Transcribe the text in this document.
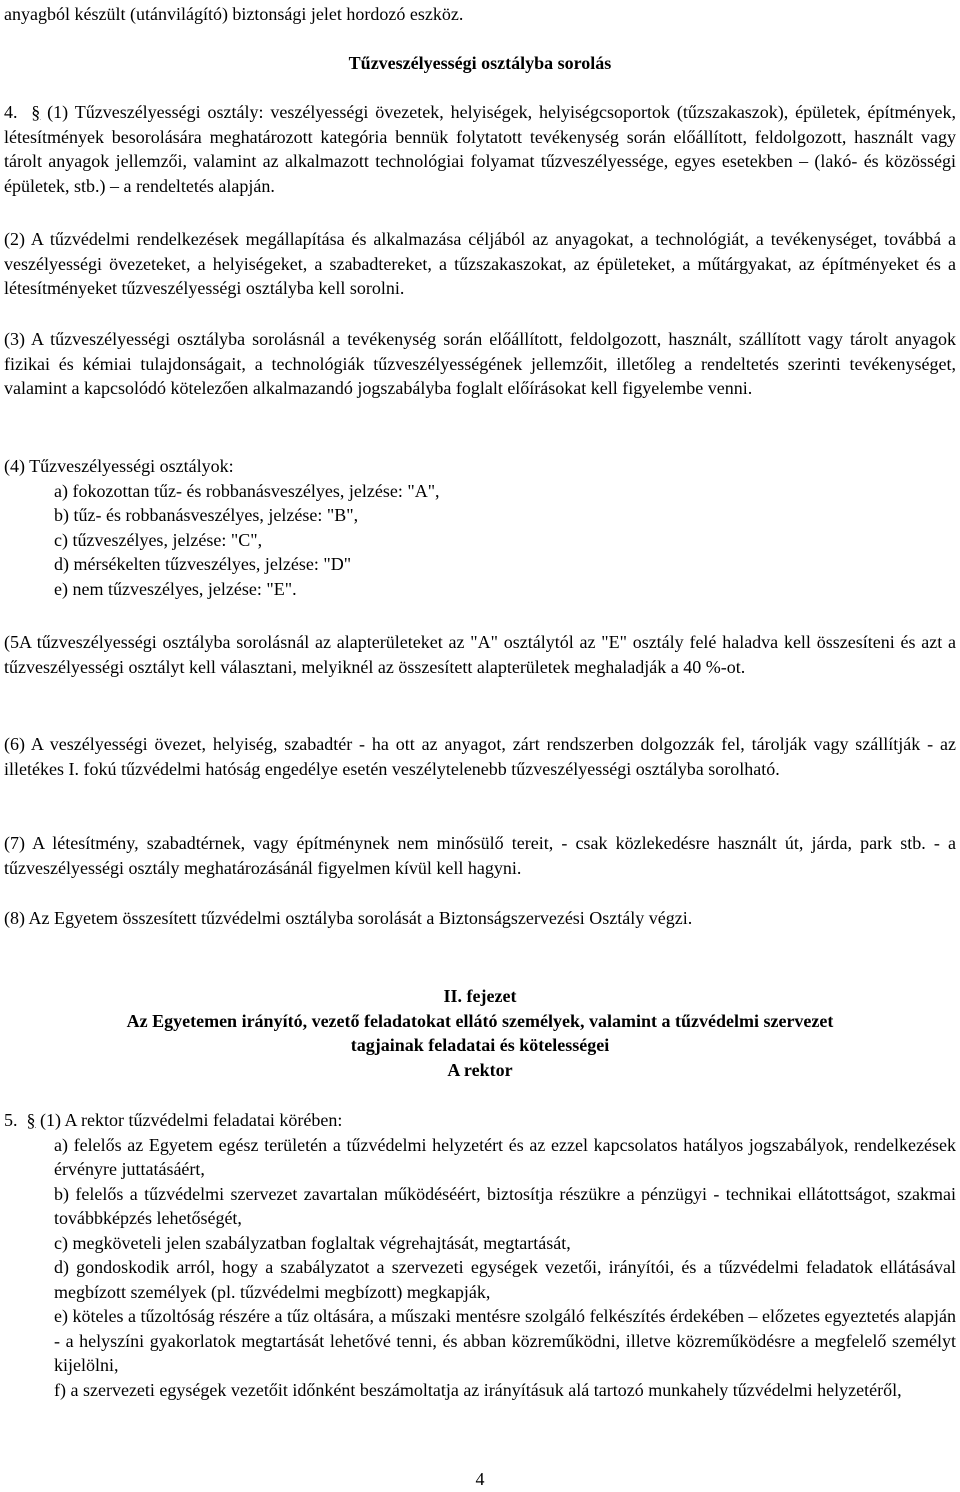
anyagból készült (utánvilágító) biztonsági jelet hordozó eszköz.
Tűzveszélyességi osztályba sorolás

4. § (1) Tűzveszélyességi osztály: veszélyességi övezetek, helyiségek, helyiségcsoportok (tűzszakaszok), épületek, építmények, létesítmények besorolására meghatározott kategória bennük folytatott tevékenység során előállított, feldolgozott, használt vagy tárolt anyagok jellemzői, valamint az alkalmazott technológiai folyamat tűzveszélyessége, egyes esetekben – (lakó- és közösségi épületek, stb.) – a rendeltetés alapján.

(2) A tűzvédelmi rendelkezések megállapítása és alkalmazása céljából az anyagokat, a technológiát, a tevékenységet, továbbá a veszélyességi övezeteket, a helyiségeket, a szabadtereket, a tűzszakaszokat, az épületeket, a műtárgyakat, az építményeket és a létesítményeket tűzveszélyességi osztályba kell sorolni.

(3) A tűzveszélyességi osztályba sorolásnál a tevékenység során előállított, feldolgozott, használt, szállított vagy tárolt anyagok fizikai és kémiai tulajdonságait, a technológiák tűzveszélyességének jellemzőit, illetőleg a rendeltetés szerinti tevékenységet, valamint a kapcsolódó kötelezően alkalmazandó jogszabályba foglalt előírásokat kell figyelembe venni.

(4) Tűzveszélyességi osztályok:
a) fokozottan tűz- és robbanásveszélyes, jelzése: "A",
b) tűz- és robbanásveszélyes, jelzése: "B",
c) tűzveszélyes, jelzése: "C",
d) mérsékelten tűzveszélyes, jelzése: "D"
e) nem tűzveszélyes, jelzése: "E".

(5A tűzveszélyességi osztályba sorolásnál az alapterületeket az "A" osztálytól az "E" osztály felé haladva kell összesíteni és azt a tűzveszélyességi osztályt kell választani, melyiknél az összesített alapterületek meghaladják a 40 %-ot.

(6) A veszélyességi övezet, helyiség, szabadtér - ha ott az anyagot, zárt rendszerben dolgozzák fel, tárolják vagy szállítják - az illetékes I. fokú tűzvédelmi hatóság engedélye esetén veszélytelenebb tűzveszélyességi osztályba sorolható.

(7) A létesítmény, szabadtérnek, vagy építménynek nem minősülő tereit, - csak közlekedésre használt út, járda, park stb. - a tűzveszélyességi osztály meghatározásánál figyelmen kívül kell hagyni.

(8) Az Egyetem összesített tűzvédelmi osztályba sorolását a Biztonságszervezési Osztály végzi.

II. fejezet
Az Egyetemen irányító, vezető feladatokat ellátó személyek, valamint a tűzvédelmi szervezet
tagjainak feladatai és kötelességei
A rektor
5. § (1) A rektor tűzvédelmi feladatai körében:
a) felelős az Egyetem egész területén a tűzvédelmi helyzetért és az ezzel kapcsolatos hatályos jogszabályok, rendelkezések érvényre juttatásáért,
b) felelős a tűzvédelmi szervezet zavartalan működéséért, biztosítja részükre a pénzügyi - technikai ellátottságot, szakmai továbbképzés lehetőségét,
c) megköveteli jelen szabályzatban foglaltak végrehajtását, megtartását,
d) gondoskodik arról, hogy a szabályzatot a szervezeti egységek vezetői, irányítói, és a tűzvédelmi feladatok ellátásával megbízott személyek (pl. tűzvédelmi megbízott) megkapják,
e) köteles a tűzoltóság részére a tűz oltására, a műszaki mentésre szolgáló felkészítés érdekében – előzetes egyeztetés alapján - a helyszíni gyakorlatok megtartását lehetővé tenni, és abban közreműködni, illetve közreműködésre a megfelelő személyt kijelölni,
f) a szervezeti egységek vezetőit időnként beszámoltatja az irányításuk alá tartozó munkahely tűzvédelmi helyzetéről,
4
